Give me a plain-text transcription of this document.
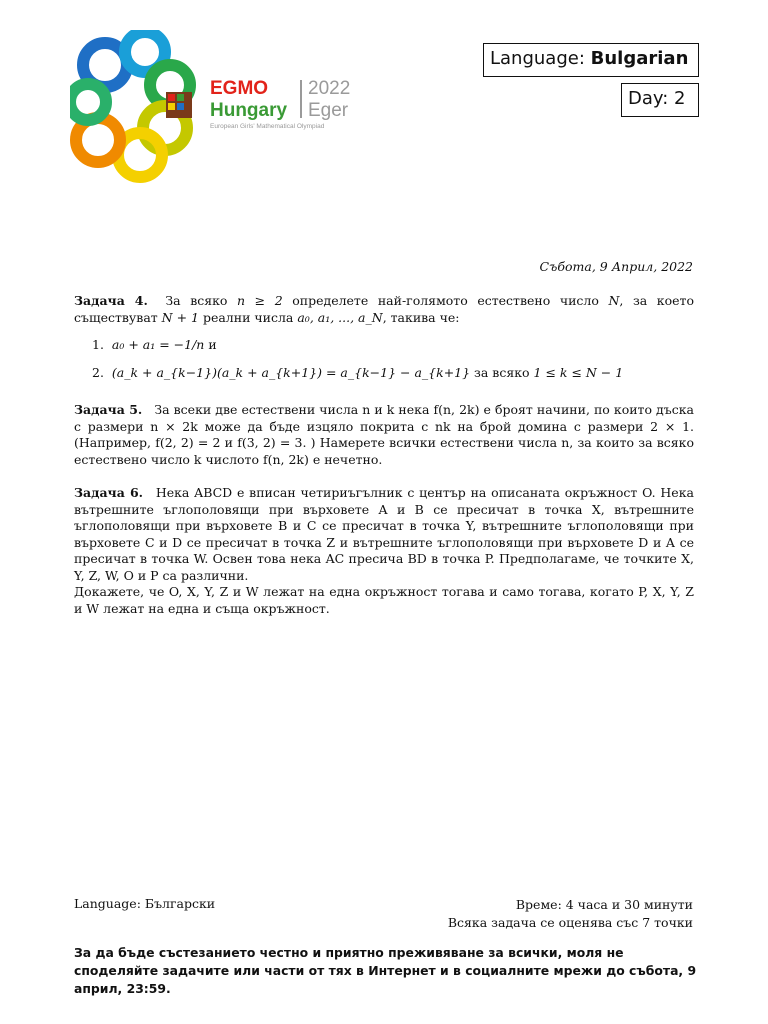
EGMO
Hungary
2022
Eger
European Girls' Mathematical Olympiad
Language: Bulgarian
Day: 2
Събота, 9 Април, 2022
Задача 4. За всяко n ≥ 2 определете най-голямото естествено число N, за което съществуват N + 1 реални числа a₀, a₁, ..., a_N, такива че:
1. a₀ + a₁ = −1/n и
2. (a_k + a_{k−1})(a_k + a_{k+1}) = a_{k−1} − a_{k+1} за всяко 1 ≤ k ≤ N − 1
Задача 5. За всеки две естествени числа n и k нека f(n, 2k) е броят начини, по които дъска с размери n × 2k може да бъде изцяло покрита с nk на брой домина с размери 2 × 1. (Например, f(2, 2) = 2 и f(3, 2) = 3. ) Намерете всички естествени числа n, за които за всяко естествено число k числото f(n, 2k) е нечетно.
Задача 6. Нека ABCD е вписан четириъгълник с център на описаната окръжност O. Нека вътрешните ъглополовящи при върховете A и B се пресичат в точка X, вътрешните ъглополовящи при върховете B и C се пресичат в точка Y, вътрешните ъглополовящи при върховете C и D се пресичат в точка Z и вътрешните ъглополовящи при върховете D и A се пресичат в точка W. Освен това нека AC пресича BD в точка P. Предполагаме, че точките X, Y, Z, W, O и P са различни.
Докажете, че O, X, Y, Z и W лежат на една окръжност тогава и само тогава, когато P, X, Y, Z и W лежат на една и съща окръжност.
Language: Български	Време: 4 часа и 30 минути
Всяка задача се оценява със 7 точки
За да бъде състезанието честно и приятно преживяване за всички, моля не споделяйте задачите или части от тях в Интернет и в социалните мрежи до събота, 9 април, 23:59.
